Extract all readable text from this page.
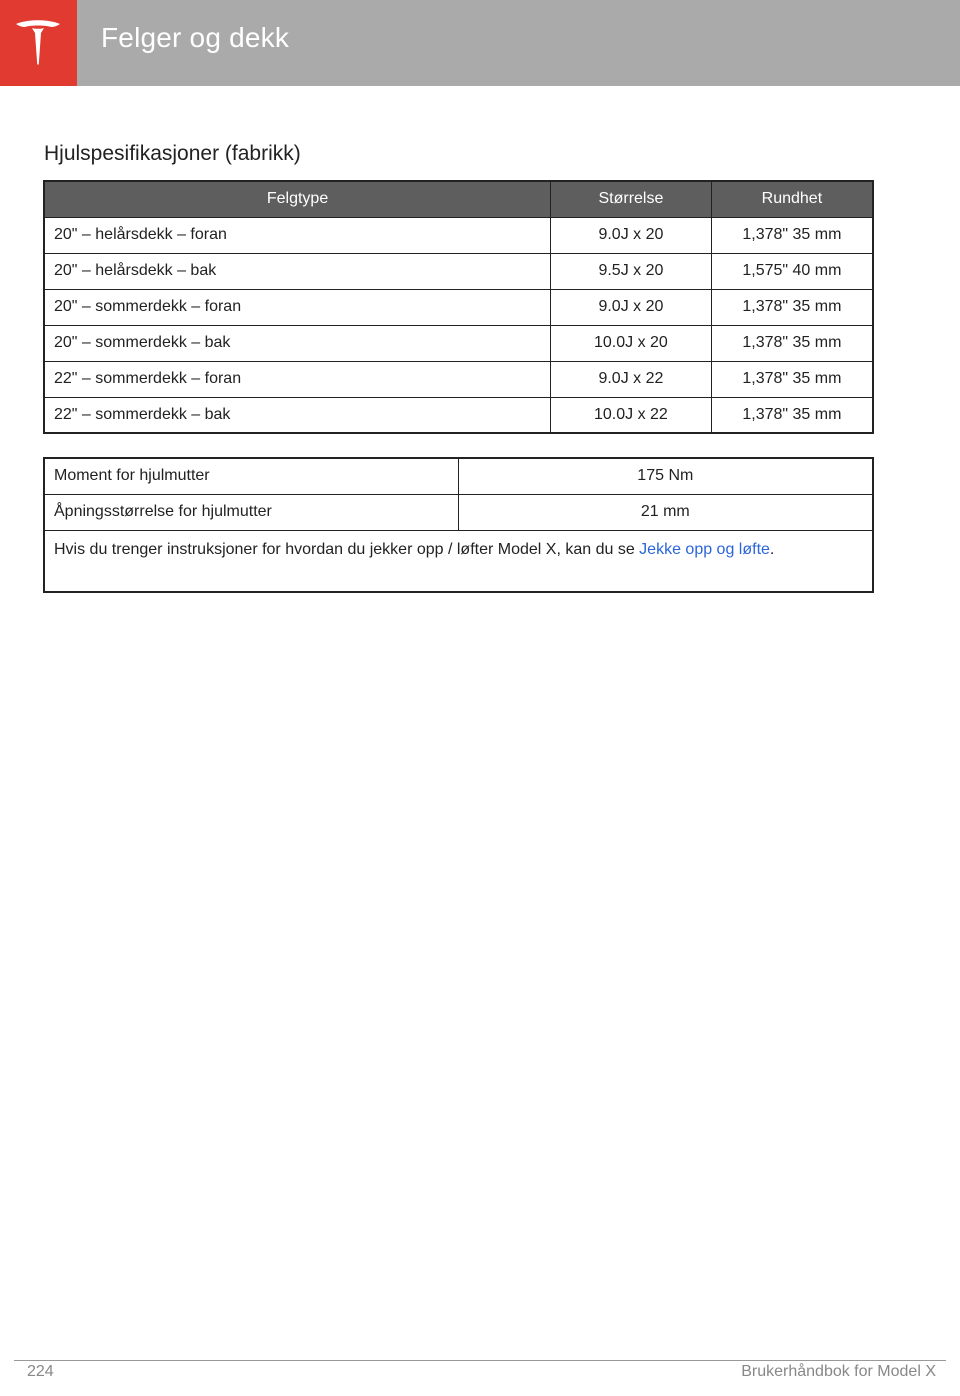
Felger og dekk
Hjulspesifikasjoner (fabrikk)
Felgtype	Størrelse	Rundhet
20" – helårsdekk – foran	9.0J x 20	1,378" 35 mm
20" – helårsdekk – bak	9.5J x 20	1,575" 40 mm
20" – sommerdekk – foran	9.0J x 20	1,378" 35 mm
20" – sommerdekk – bak	10.0J x 20	1,378" 35 mm
22" – sommerdekk – foran	9.0J x 22	1,378" 35 mm
22" – sommerdekk – bak	10.0J x 22	1,378" 35 mm
Moment for hjulmutter	175 Nm
Åpningsstørrelse for hjulmutter	21 mm
Hvis du trenger instruksjoner for hvordan du jekker opp / løfter Model X, kan du se Jekke opp og løfte.	
224	Brukerhåndbok for Model X
